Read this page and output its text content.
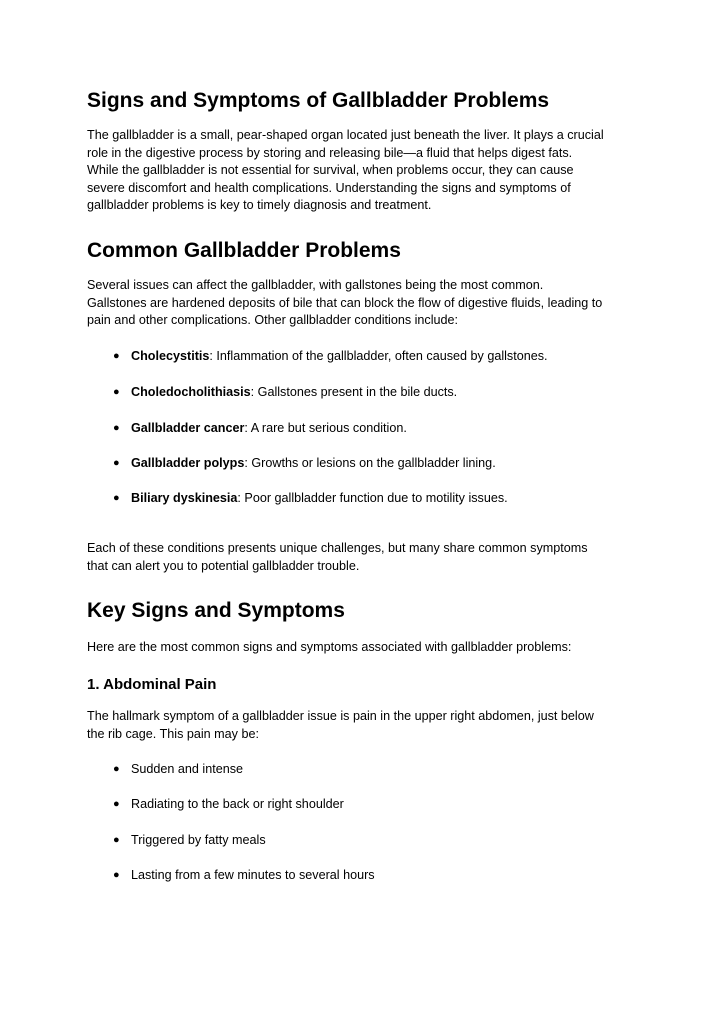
Signs and Symptoms of Gallbladder Problems

The gallbladder is a small, pear-shaped organ located just beneath the liver. It plays a crucial

role in the digestive process by storing and releasing bile—a fluid that helps digest fats.

While the gallbladder is not essential for survival, when problems occur, they can cause

severe discomfort and health complications. Understanding the signs and symptoms of

gallbladder problems is key to timely diagnosis and treatment.

Common Gallbladder Problems

Several issues can affect the gallbladder, with gallstones being the most common.

Gallstones are hardened deposits of bile that can block the flow of digestive fluids, leading to

pain and other complications. Other gallbladder conditions include:

● Cholecystitis: Inflammation of the gallbladder, often caused by gallstones.
● Choledocholithiasis: Gallstones present in the bile ducts.
● Gallbladder cancer: A rare but serious condition.
● Gallbladder polyps: Growths or lesions on the gallbladder lining.
● Biliary dyskinesia: Poor gallbladder function due to motility issues.

Each of these conditions presents unique challenges, but many share common symptoms

that can alert you to potential gallbladder trouble.

Key Signs and Symptoms

Here are the most common signs and symptoms associated with gallbladder problems:

1. Abdominal Pain

The hallmark symptom of a gallbladder issue is pain in the upper right abdomen, just below

the rib cage. This pain may be:

● Sudden and intense
● Radiating to the back or right shoulder
● Triggered by fatty meals
● Lasting from a few minutes to several hours
